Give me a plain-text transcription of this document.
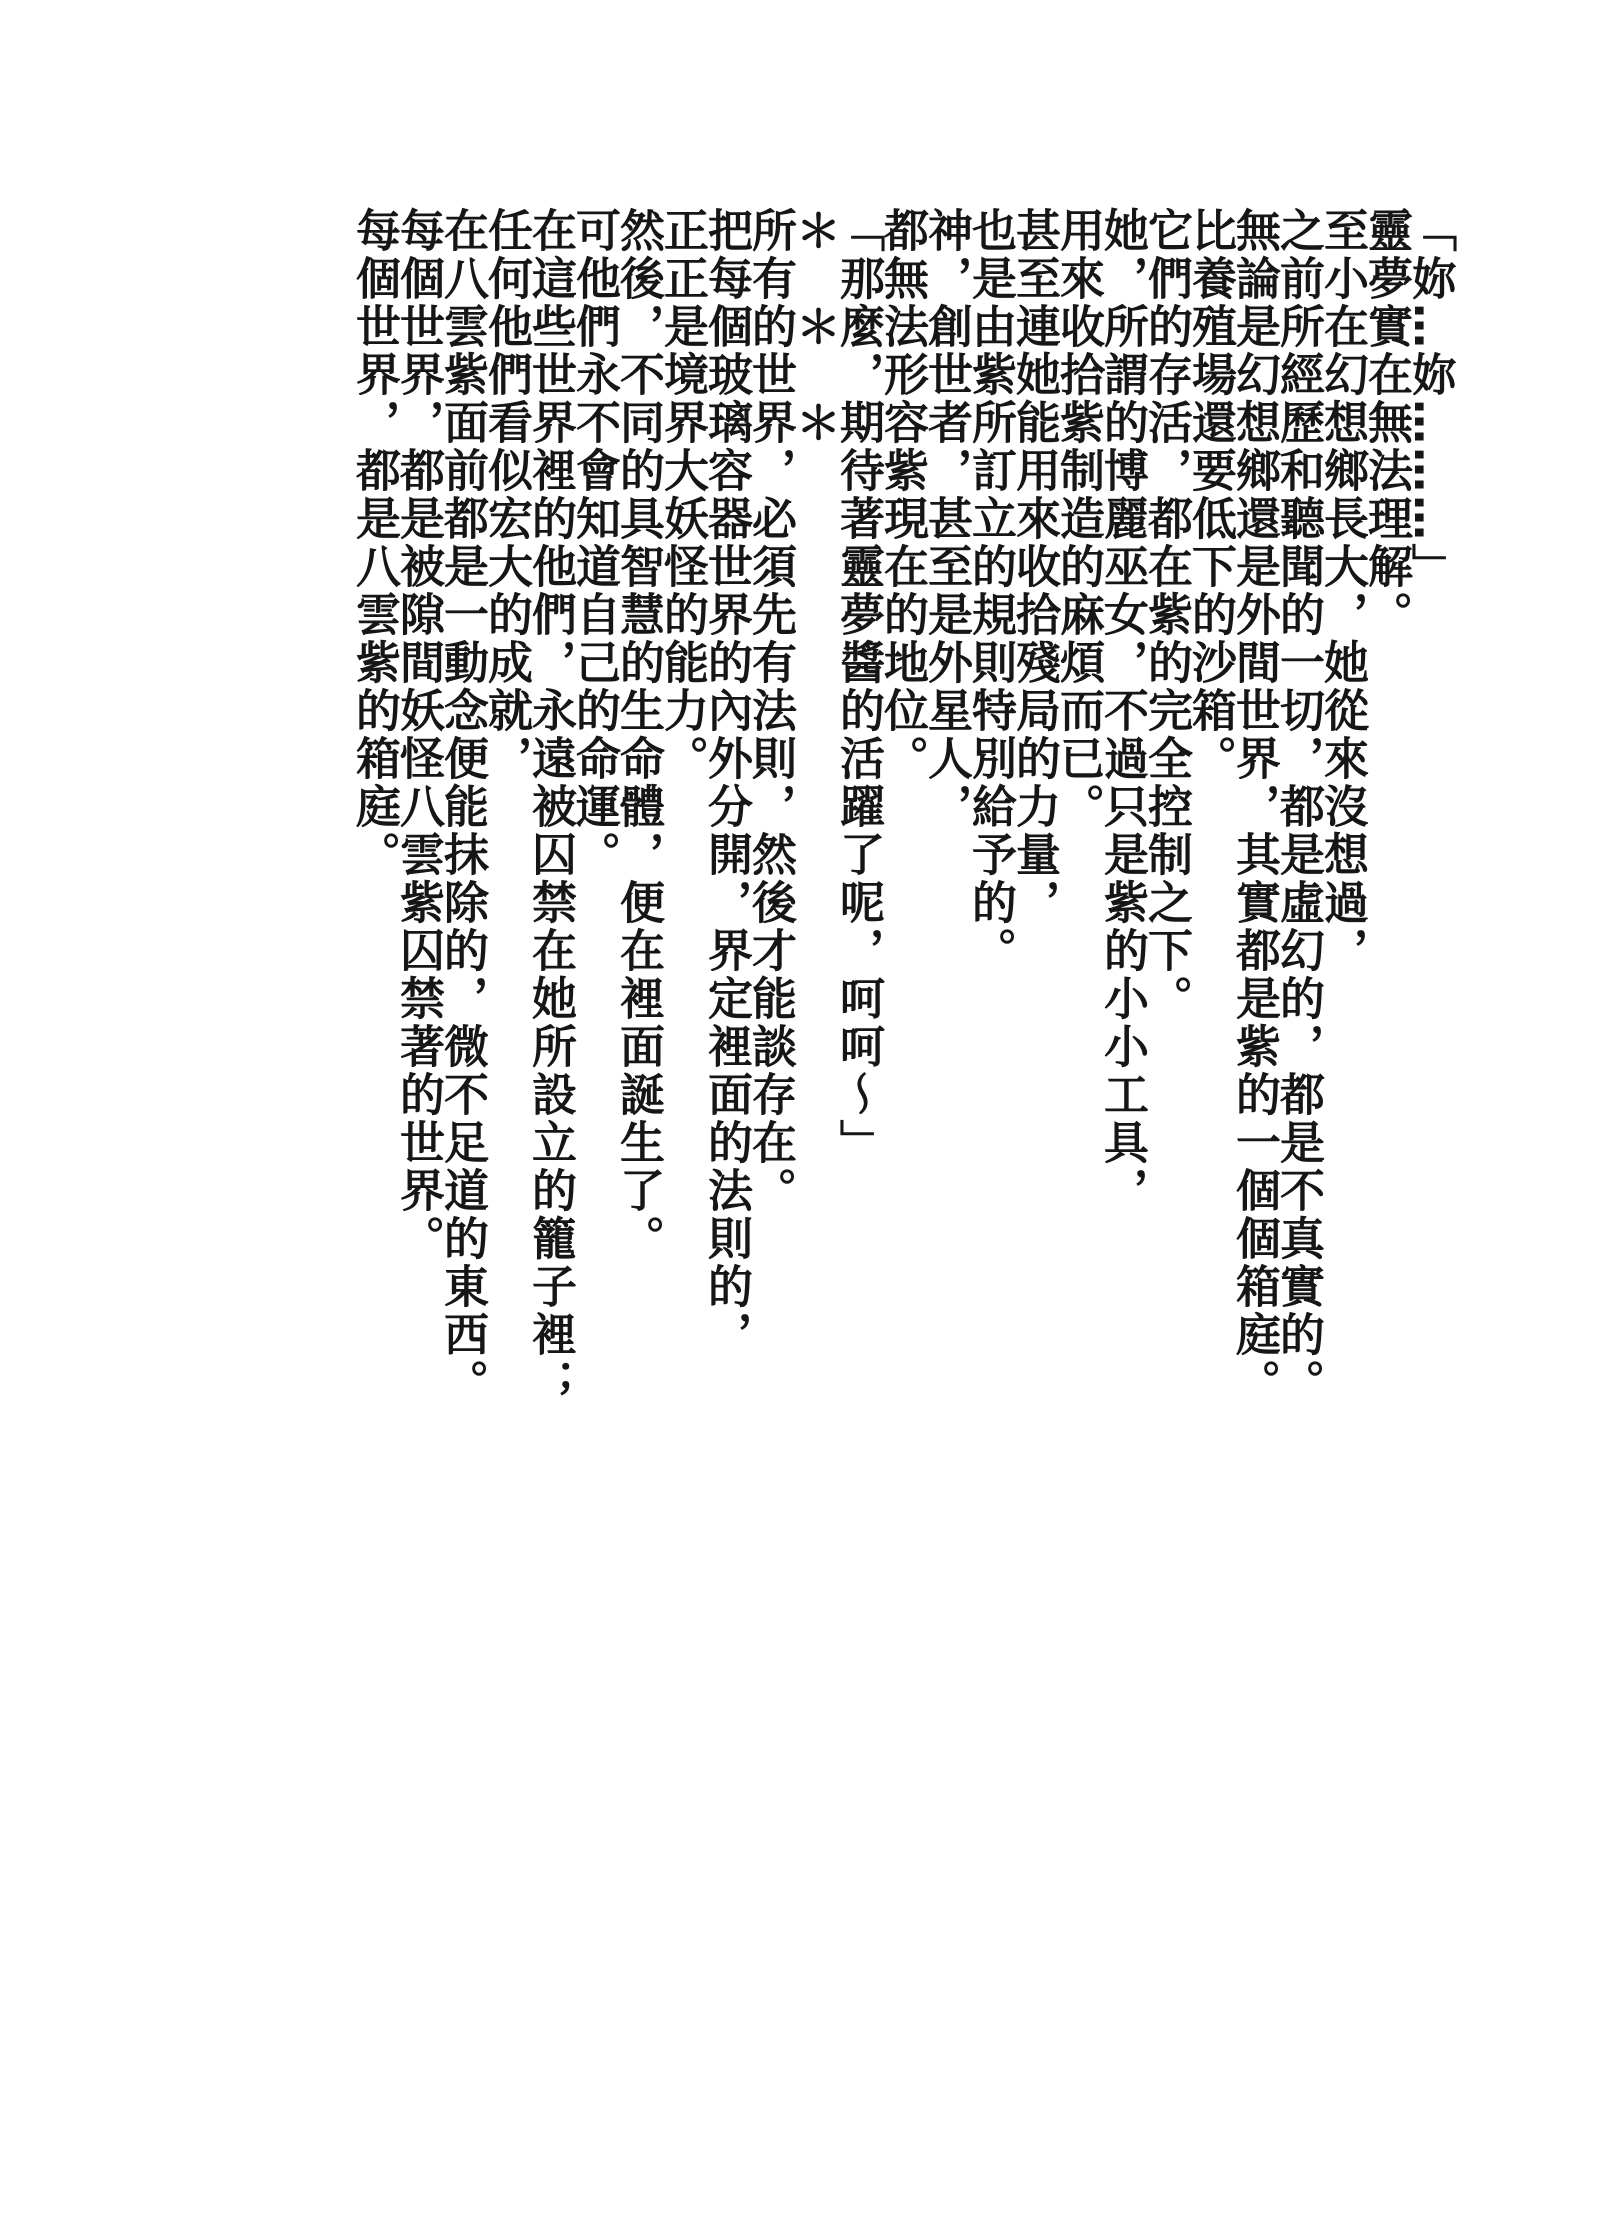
「妳…妳………」

靈夢實在無法理解。

至小在幻想鄉長大，她從來沒想過，

之前所經歷和聽聞的一切，都是虛幻的，都是不真實的。

無論是幻想鄉還是外間世界，其實都是紫的一個個箱庭。

比養殖場還要低下的沙箱。

它們的存活，都在紫的完全控制之下。

她，所謂的博麗巫女，不過只是紫的小小工具，

用來收拾紫制造的麻煩而已。

甚至連她能用來收拾殘局的力量，

也是由紫所訂立的規則特別給予的。

神，創世者，甚至是外星人，

都無法形容紫現在的地位。

「那麼，期待著靈夢醬的活躍了呢，呵呵～」

＊　＊　＊

所有的世界，必須先有法則，然後才能談存在。

把每個玻璃容器世界的內外分開，界定裡面的法則的，

正正是境界大妖怪的能力。

然後，不同的具智慧的生命體，便在裡面誕生了。

可他們永不會知道自己的命運。

在這些世界裡的他們，永遠被囚禁在她所設立的籠子裡；

任何他們看似宏大的成就，

在八雲紫面前都是一動念便能抹除的，微不足道的東西。

每個世界，都是被隙間妖怪八雲紫囚禁著的世界。

每個世界，都是八雲紫的箱庭。
